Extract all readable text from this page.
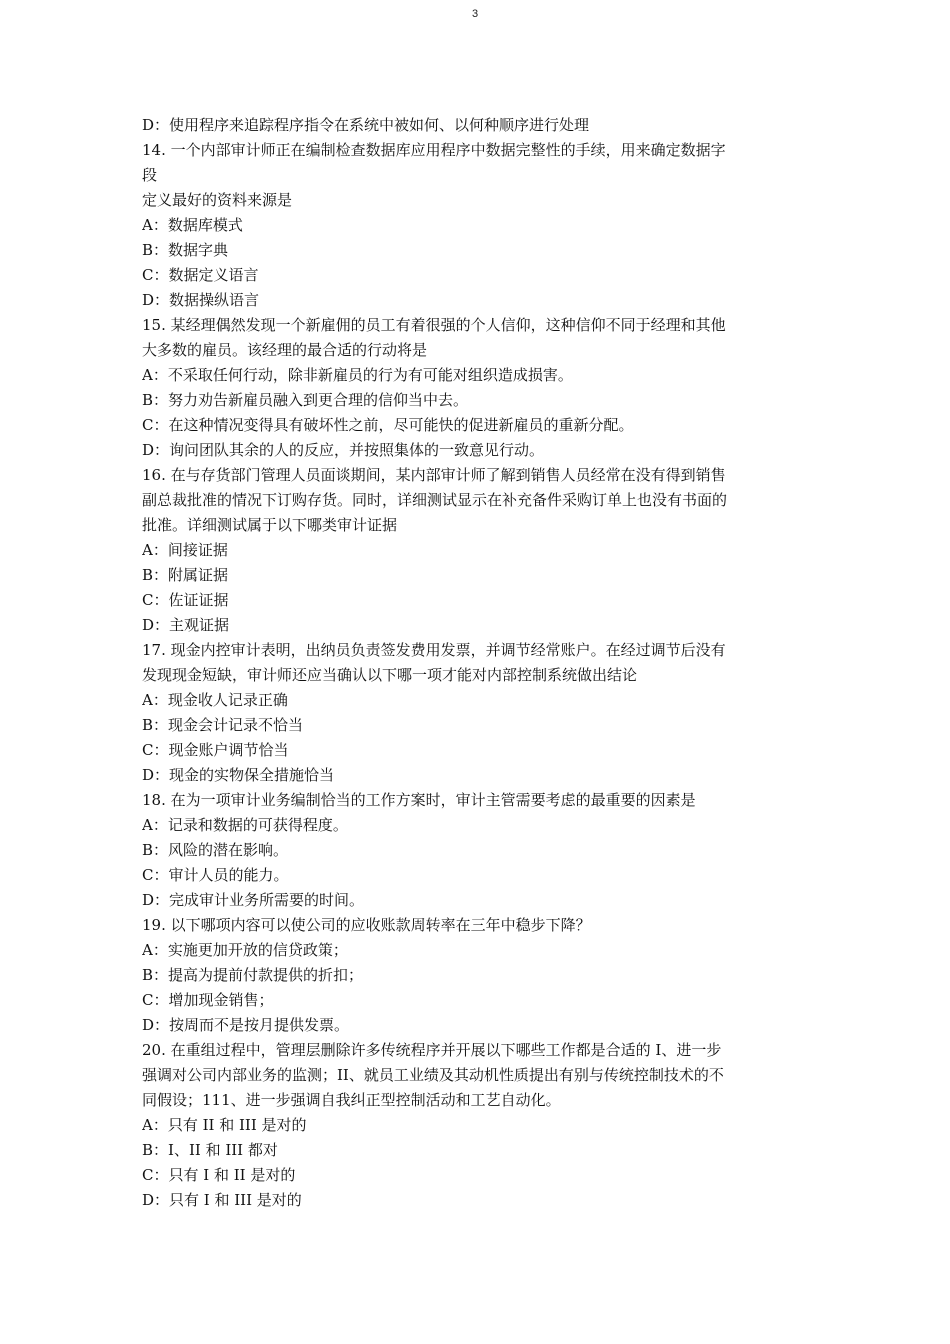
3
D：使用程序来追踪程序指令在系统中被如何、以何种顺序进行处理
14. 一个内部审计师正在编制检查数据库应用程序中数据完整性的手续，用来确定数据字
段
定义最好的资料来源是
A：数据库模式
B：数据字典
C：数据定义语言
D：数据操纵语言
15. 某经理偶然发现一个新雇佣的员工有着很强的个人信仰，这种信仰不同于经理和其他
大多数的雇员。该经理的最合适的行动将是
A：不采取任何行动，除非新雇员的行为有可能对组织造成损害。
B：努力劝告新雇员融入到更合理的信仰当中去。
C：在这种情况变得具有破坏性之前，尽可能快的促进新雇员的重新分配。
D：询问团队其余的人的反应，并按照集体的一致意见行动。
16. 在与存货部门管理人员面谈期间，某内部审计师了解到销售人员经常在没有得到销售
副总裁批准的情况下订购存货。同时，详细测试显示在补充备件采购订单上也没有书面的
批准。详细测试属于以下哪类审计证据
A：间接证据
B：附属证据
C：佐证证据
D：主观证据
17. 现金内控审计表明，出纳员负责签发费用发票，并调节经常账户。在经过调节后没有
发现现金短缺，审计师还应当确认以下哪一项才能对内部控制系统做出结论
A：现金收人记录正确
B：现金会计记录不恰当
C：现金账户调节恰当
D：现金的实物保全措施恰当
18. 在为一项审计业务编制恰当的工作方案时，审计主管需要考虑的最重要的因素是
A：记录和数据的可获得程度。
B：风险的潜在影响。
C：审计人员的能力。
D：完成审计业务所需要的时间。
19. 以下哪项内容可以使公司的应收账款周转率在三年中稳步下降？
A：实施更加开放的信贷政策；
B：提高为提前付款提供的折扣；
C：增加现金销售；
D：按周而不是按月提供发票。
20. 在重组过程中，管理层删除许多传统程序并开展以下哪些工作都是合适的 I、进一步
强调对公司内部业务的监测；II、就员工业绩及其动机性质提出有别与传统控制技术的不
同假设；111、进一步强调自我纠正型控制活动和工艺自动化。
A：只有 II 和 III 是对的
B：I、II 和 III 都对
C：只有 I 和 II 是对的
D：只有 I 和 III 是对的
